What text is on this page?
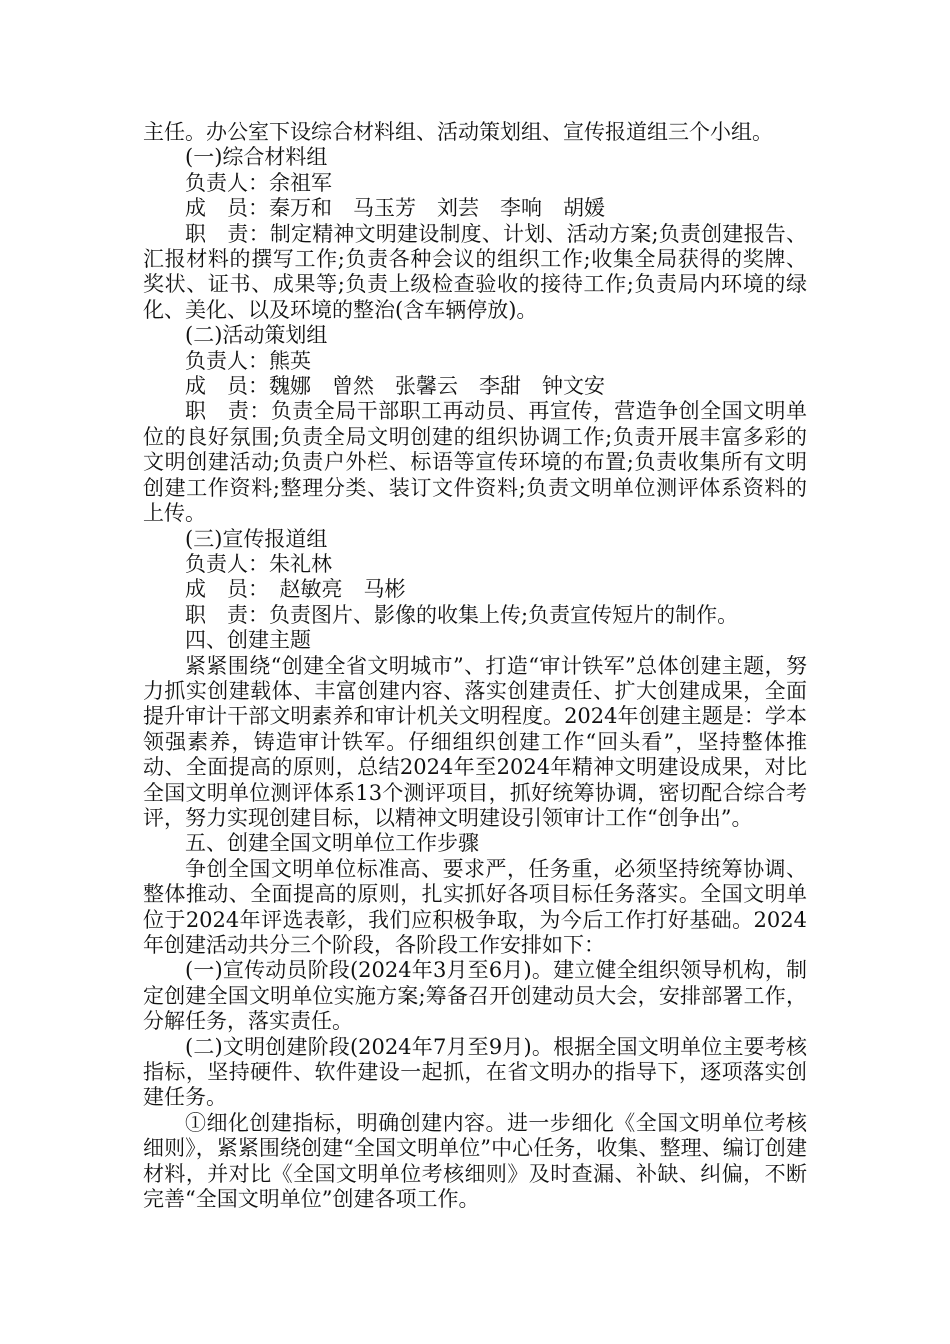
主任。办公室下设综合材料组、活动策划组、宣传报道组三个小组。

(一)综合材料组

负责人：余祖军

成　员：秦万和　马玉芳　刘芸　李响　胡媛

职　责：制定精神文明建设制度、计划、活动方案;负责创建报告、汇报材料的撰写工作;负责各种会议的组织工作;收集全局获得的奖牌、奖状、证书、成果等;负责上级检查验收的接待工作;负责局内环境的绿化、美化、以及环境的整治(含车辆停放)。

(二)活动策划组

负责人：熊英

成　员：魏娜　曾然　张馨云　李甜　钟文安

职　责：负责全局干部职工再动员、再宣传，营造争创全国文明单位的良好氛围;负责全局文明创建的组织协调工作;负责开展丰富多彩的文明创建活动;负责户外栏、标语等宣传环境的布置;负责收集所有文明创建工作资料;整理分类、装订文件资料;负责文明单位测评体系资料的上传。

(三)宣传报道组

负责人：朱礼林

成　员：　赵敏亮　马彬

职　责：负责图片、影像的收集上传;负责宣传短片的制作。

四、创建主题

紧紧围绕“创建全省文明城市”、打造“审计铁军”总体创建主题，努力抓实创建载体、丰富创建内容、落实创建责任、扩大创建成果，全面提升审计干部文明素养和审计机关文明程度。2024年创建主题是：学本领强素养，铸造审计铁军。仔细组织创建工作“回头看”，坚持整体推动、全面提高的原则，总结2024年至2024年精神文明建设成果，对比全国文明单位测评体系13个测评项目，抓好统筹协调，密切配合综合考评，努力实现创建目标，以精神文明建设引领审计工作“创争出”。

五、创建全国文明单位工作步骤

争创全国文明单位标准高、要求严，任务重，必须坚持统筹协调、整体推动、全面提高的原则，扎实抓好各项目标任务落实。全国文明单位于2024年评选表彰，我们应积极争取，为今后工作打好基础。2024年创建活动共分三个阶段，各阶段工作安排如下：

(一)宣传动员阶段(2024年3月至6月)。建立健全组织领导机构，制定创建全国文明单位实施方案;筹备召开创建动员大会，安排部署工作，分解任务，落实责任。

(二)文明创建阶段(2024年7月至9月)。根据全国文明单位主要考核指标，坚持硬件、软件建设一起抓，在省文明办的指导下，逐项落实创建任务。

①细化创建指标，明确创建内容。进一步细化《全国文明单位考核细则》，紧紧围绕创建“全国文明单位”中心任务，收集、整理、编订创建材料，并对比《全国文明单位考核细则》及时查漏、补缺、纠偏，不断完善“全国文明单位”创建各项工作。
